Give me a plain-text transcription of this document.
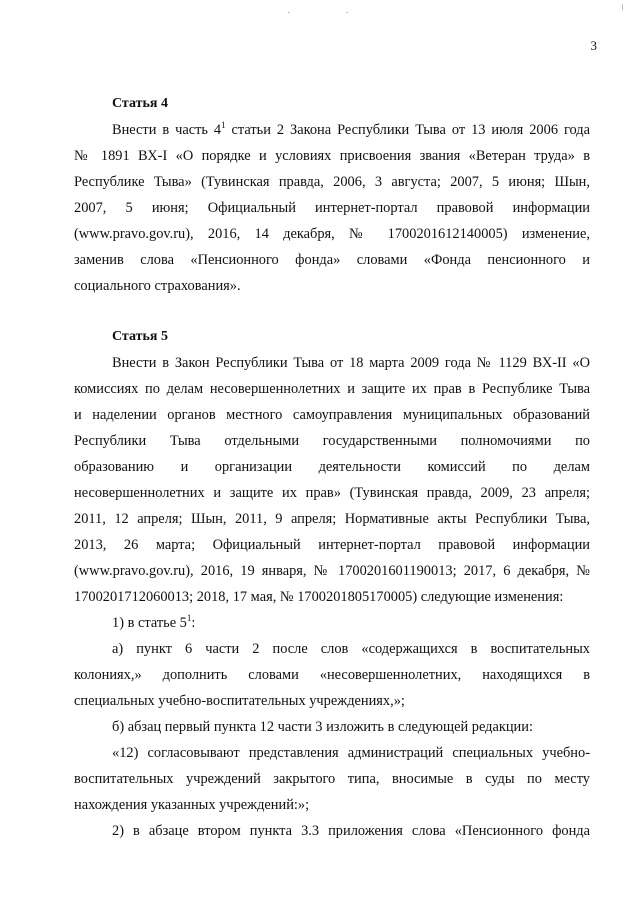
3
Статья 4
Внести в часть $4^1$ статьи 2 Закона Республики Тыва от 13 июля 2006 года
№ 1891 ВХ-I «О порядке и условиях присвоения звания «Ветеран труда» в
Республике Тыва» (Тувинская правда, 2006, 3 августа; 2007, 5 июня; Шын,
2007, 5 июня; Официальный интернет-портал правовой информации
(www.pravo.gov.ru), 2016, 14 декабря, № 1700201612140005) изменение,
заменив слова «Пенсионного фонда» словами «Фонда пенсионного и
социального страхования».
Статья 5
Внести в Закон Республики Тыва от 18 марта 2009 года № 1129 ВХ-II «О
комиссиях по делам несовершеннолетних и защите их прав в Республике Тыва
и наделении органов местного самоуправления муниципальных образований
Республики Тыва отдельными государственными полномочиями по
образованию и организации деятельности комиссий по делам
несовершеннолетних и защите их прав» (Тувинская правда, 2009, 23 апреля;
2011, 12 апреля; Шын, 2011, 9 апреля; Нормативные акты Республики Тыва,
2013, 26 марта; Официальный интернет-портал правовой информации
(www.pravo.gov.ru), 2016, 19 января, № 1700201601190013; 2017, 6 декабря, №
1700201712060013; 2018, 17 мая, № 1700201805170005) следующие изменения:
1) в статье $5^1$:
а) пункт 6 части 2 после слов «содержащихся в воспитательных
колониях,» дополнить словами «несовершеннолетних, находящихся в
специальных учебно-воспитательных учреждениях,»;
б) абзац первый пункта 12 части 3 изложить в следующей редакции:
«12) согласовывают представления администраций специальных учебно-
воспитательных учреждений закрытого типа, вносимые в суды по месту
нахождения указанных учреждений:»;
2) в абзаце втором пункта 3.3 приложения слова «Пенсионного фонда
